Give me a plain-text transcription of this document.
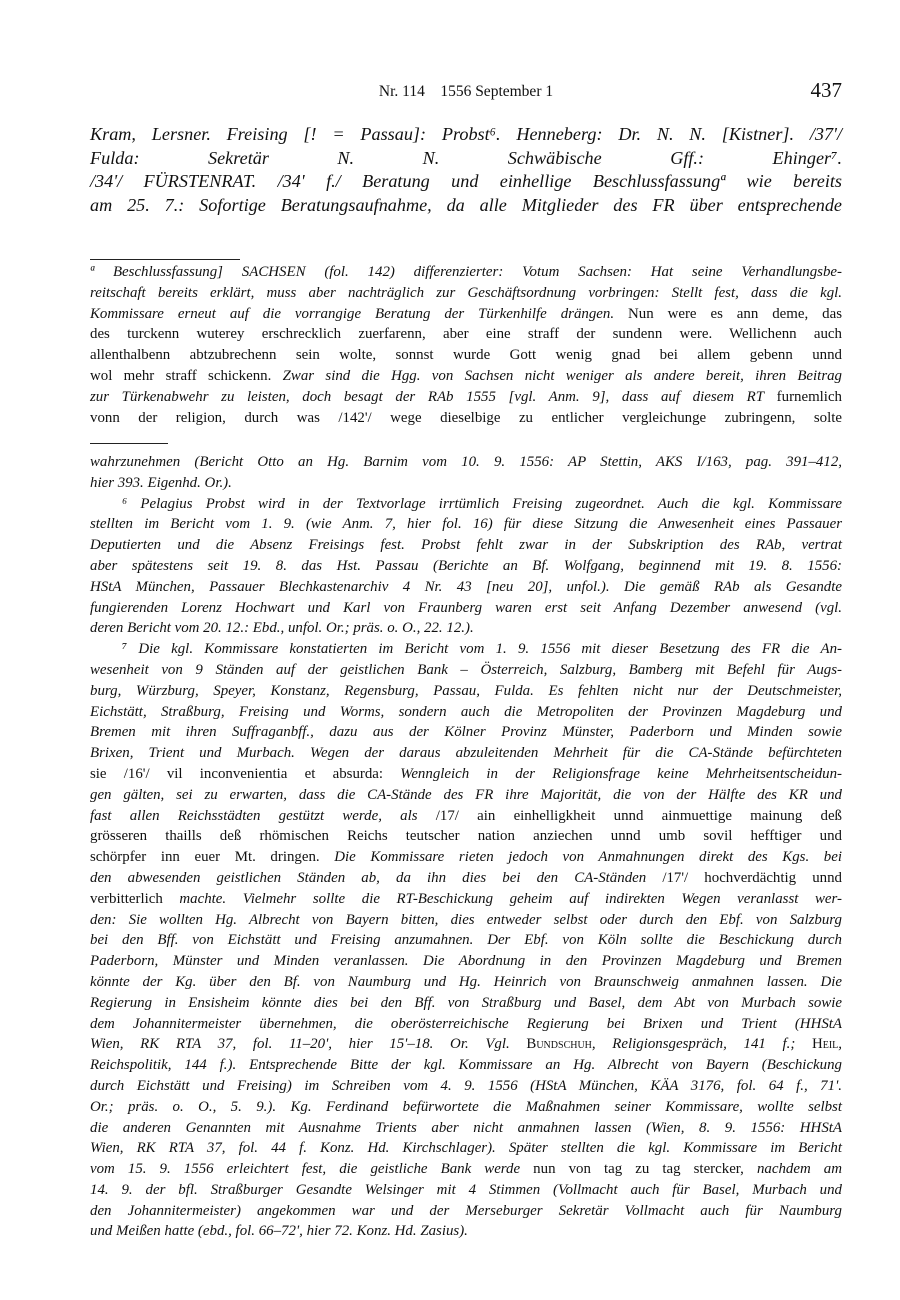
Nr. 114    1556 September 1	437
Kram, Lersner. Freising [! = Passau]: Probst⁶. Henneberg: Dr. N. N. [Kistner]. /37'/
Fulda: Sekretär N. N. Schwäbische Gff.: Ehinger⁷.
/34'/ FÜRSTENRAT. /34' f./ Beratung und einhellige Beschlussfassungª wie bereits
am 25. 7.: Sofortige Beratungsaufnahme, da alle Mitglieder des FR über entsprechende
ª Beschlussfassung] SACHSEN (fol. 142) differenzierter: Votum Sachsen: Hat seine Verhandlungsbe-
reitschaft bereits erklärt, muss aber nachträglich zur Geschäftsordnung vorbringen: Stellt fest, dass die kgl.
Kommissare erneut auf die vorrangige Beratung der Türkenhilfe drängen. Nun were es ann deme, das
des turckenn wuterey erschrecklich zuerfarenn, aber eine straff der sundenn were. Wellichenn auch
allenthalbenn abtzubrechenn sein wolte, sonnst wurde Gott wenig gnad bei allem gebenn unnd
wol mehr straff schickenn. Zwar sind die Hgg. von Sachsen nicht weniger als andere bereit, ihren Beitrag
zur Türkenabwehr zu leisten, doch besagt der RAb 1555 [vgl. Anm. 9], dass auf diesem RT furnemlich
vonn der religion, durch was /142'/ wege dieselbige zu entlicher vergleichunge zubringenn, solte
wahrzunehmen (Bericht Otto an Hg. Barnim vom 10. 9. 1556: AP Stettin, AKS I/163, pag. 391–412,
hier 393. Eigenhd. Or.).
⁶ Pelagius Probst wird in der Textvorlage irrtümlich Freising zugeordnet. Auch die kgl. Kommissare
stellten im Bericht vom 1. 9. (wie Anm. 7, hier fol. 16) für diese Sitzung die Anwesenheit eines Passauer
Deputierten und die Absenz Freisings fest. Probst fehlt zwar in der Subskription des RAb, vertrat
aber spätestens seit 19. 8. das Hst. Passau (Berichte an Bf. Wolfgang, beginnend mit 19. 8. 1556:
HStA München, Passauer Blechkastenarchiv 4 Nr. 43 [neu 20], unfol.). Die gemäß RAb als Gesandte
fungierenden Lorenz Hochwart und Karl von Fraunberg waren erst seit Anfang Dezember anwesend (vgl.
deren Bericht vom 20. 12.: Ebd., unfol. Or.; präs. o. O., 22. 12.).
⁷ Die kgl. Kommissare konstatierten im Bericht vom 1. 9. 1556 mit dieser Besetzung des FR die An-
wesenheit von 9 Ständen auf der geistlichen Bank – Österreich, Salzburg, Bamberg mit Befehl für Augs-
burg, Würzburg, Speyer, Konstanz, Regensburg, Passau, Fulda. Es fehlten nicht nur der Deutschmeister,
Eichstätt, Straßburg, Freising und Worms, sondern auch die Metropoliten der Provinzen Magdeburg und
Bremen mit ihren Suffraganbff., dazu aus der Kölner Provinz Münster, Paderborn und Minden sowie
Brixen, Trient und Murbach. Wegen der daraus abzuleitenden Mehrheit für die CA-Stände befürchteten
sie /16'/ vil inconvenientia et absurda: Wenngleich in der Religionsfrage keine Mehrheitsentscheidun-
gen gälten, sei zu erwarten, dass die CA-Stände des FR ihre Majorität, die von der Hälfte des KR und
fast allen Reichsstädten gestützt werde, als /17/ ain einhelligkheit unnd ainmuettige mainung deß
grösseren thaills deß rhömischen Reichs teutscher nation anziechen unnd umb sovil hefftiger und
schörpfer inn euer Mt. dringen. Die Kommissare rieten jedoch von Anmahnungen direkt des Kgs. bei
den abwesenden geistlichen Ständen ab, da ihn dies bei den CA-Ständen /17'/ hochverdächtig unnd
verbitterlich machte. Vielmehr sollte die RT-Beschickung geheim auf indirekten Wegen veranlasst wer-
den: Sie wollten Hg. Albrecht von Bayern bitten, dies entweder selbst oder durch den Ebf. von Salzburg
bei den Bff. von Eichstätt und Freising anzumahnen. Der Ebf. von Köln sollte die Beschickung durch
Paderborn, Münster und Minden veranlassen. Die Abordnung in den Provinzen Magdeburg und Bremen
könnte der Kg. über den Bf. von Naumburg und Hg. Heinrich von Braunschweig anmahnen lassen. Die
Regierung in Ensisheim könnte dies bei den Bff. von Straßburg und Basel, dem Abt von Murbach sowie
dem Johannitermeister übernehmen, die oberösterreichische Regierung bei Brixen und Trient (HHStA
Wien, RK RTA 37, fol. 11–20', hier 15'–18. Or. Vgl. Bundschuh, Religionsgespräch, 141 f.; Heil,
Reichspolitik, 144 f.). Entsprechende Bitte der kgl. Kommissare an Hg. Albrecht von Bayern (Beschickung
durch Eichstätt und Freising) im Schreiben vom 4. 9. 1556 (HStA München, KÄA 3176, fol. 64 f., 71'.
Or.; präs. o. O., 5. 9.). Kg. Ferdinand befürwortete die Maßnahmen seiner Kommissare, wollte selbst
die anderen Genannten mit Ausnahme Trients aber nicht anmahnen lassen (Wien, 8. 9. 1556: HHStA
Wien, RK RTA 37, fol. 44 f. Konz. Hd. Kirchschlager). Später stellten die kgl. Kommissare im Bericht
vom 15. 9. 1556 erleichtert fest, die geistliche Bank werde nun von tag zu tag stercker, nachdem am
14. 9. der bfl. Straßburger Gesandte Welsinger mit 4 Stimmen (Vollmacht auch für Basel, Murbach und
den Johannitermeister) angekommen war und der Merseburger Sekretär Vollmacht auch für Naumburg
und Meißen hatte (ebd., fol. 66–72', hier 72. Konz. Hd. Zasius).
